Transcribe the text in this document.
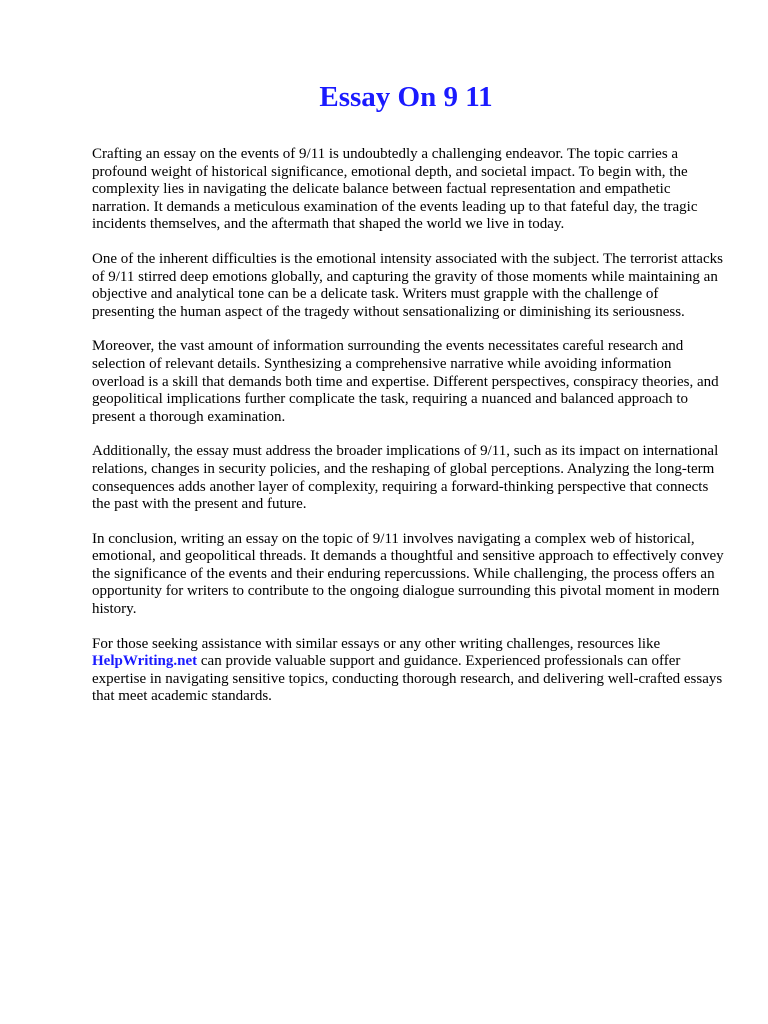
Essay On 9 11

Crafting an essay on the events of 9/11 is undoubtedly a challenging endeavor. The topic carries a profound weight of historical significance, emotional depth, and societal impact. To begin with, the complexity lies in navigating the delicate balance between factual representation and empathetic narration. It demands a meticulous examination of the events leading up to that fateful day, the tragic incidents themselves, and the aftermath that shaped the world we live in today.

One of the inherent difficulties is the emotional intensity associated with the subject. The terrorist attacks of 9/11 stirred deep emotions globally, and capturing the gravity of those moments while maintaining an objective and analytical tone can be a delicate task. Writers must grapple with the challenge of presenting the human aspect of the tragedy without sensationalizing or diminishing its seriousness.

Moreover, the vast amount of information surrounding the events necessitates careful research and selection of relevant details. Synthesizing a comprehensive narrative while avoiding information overload is a skill that demands both time and expertise. Different perspectives, conspiracy theories, and geopolitical implications further complicate the task, requiring a nuanced and balanced approach to present a thorough examination.

Additionally, the essay must address the broader implications of 9/11, such as its impact on international relations, changes in security policies, and the reshaping of global perceptions. Analyzing the long-term consequences adds another layer of complexity, requiring a forward-thinking perspective that connects the past with the present and future.

In conclusion, writing an essay on the topic of 9/11 involves navigating a complex web of historical, emotional, and geopolitical threads. It demands a thoughtful and sensitive approach to effectively convey the significance of the events and their enduring repercussions. While challenging, the process offers an opportunity for writers to contribute to the ongoing dialogue surrounding this pivotal moment in modern history.

For those seeking assistance with similar essays or any other writing challenges, resources like HelpWriting.net can provide valuable support and guidance. Experienced professionals can offer expertise in navigating sensitive topics, conducting thorough research, and delivering well-crafted essays that meet academic standards.
